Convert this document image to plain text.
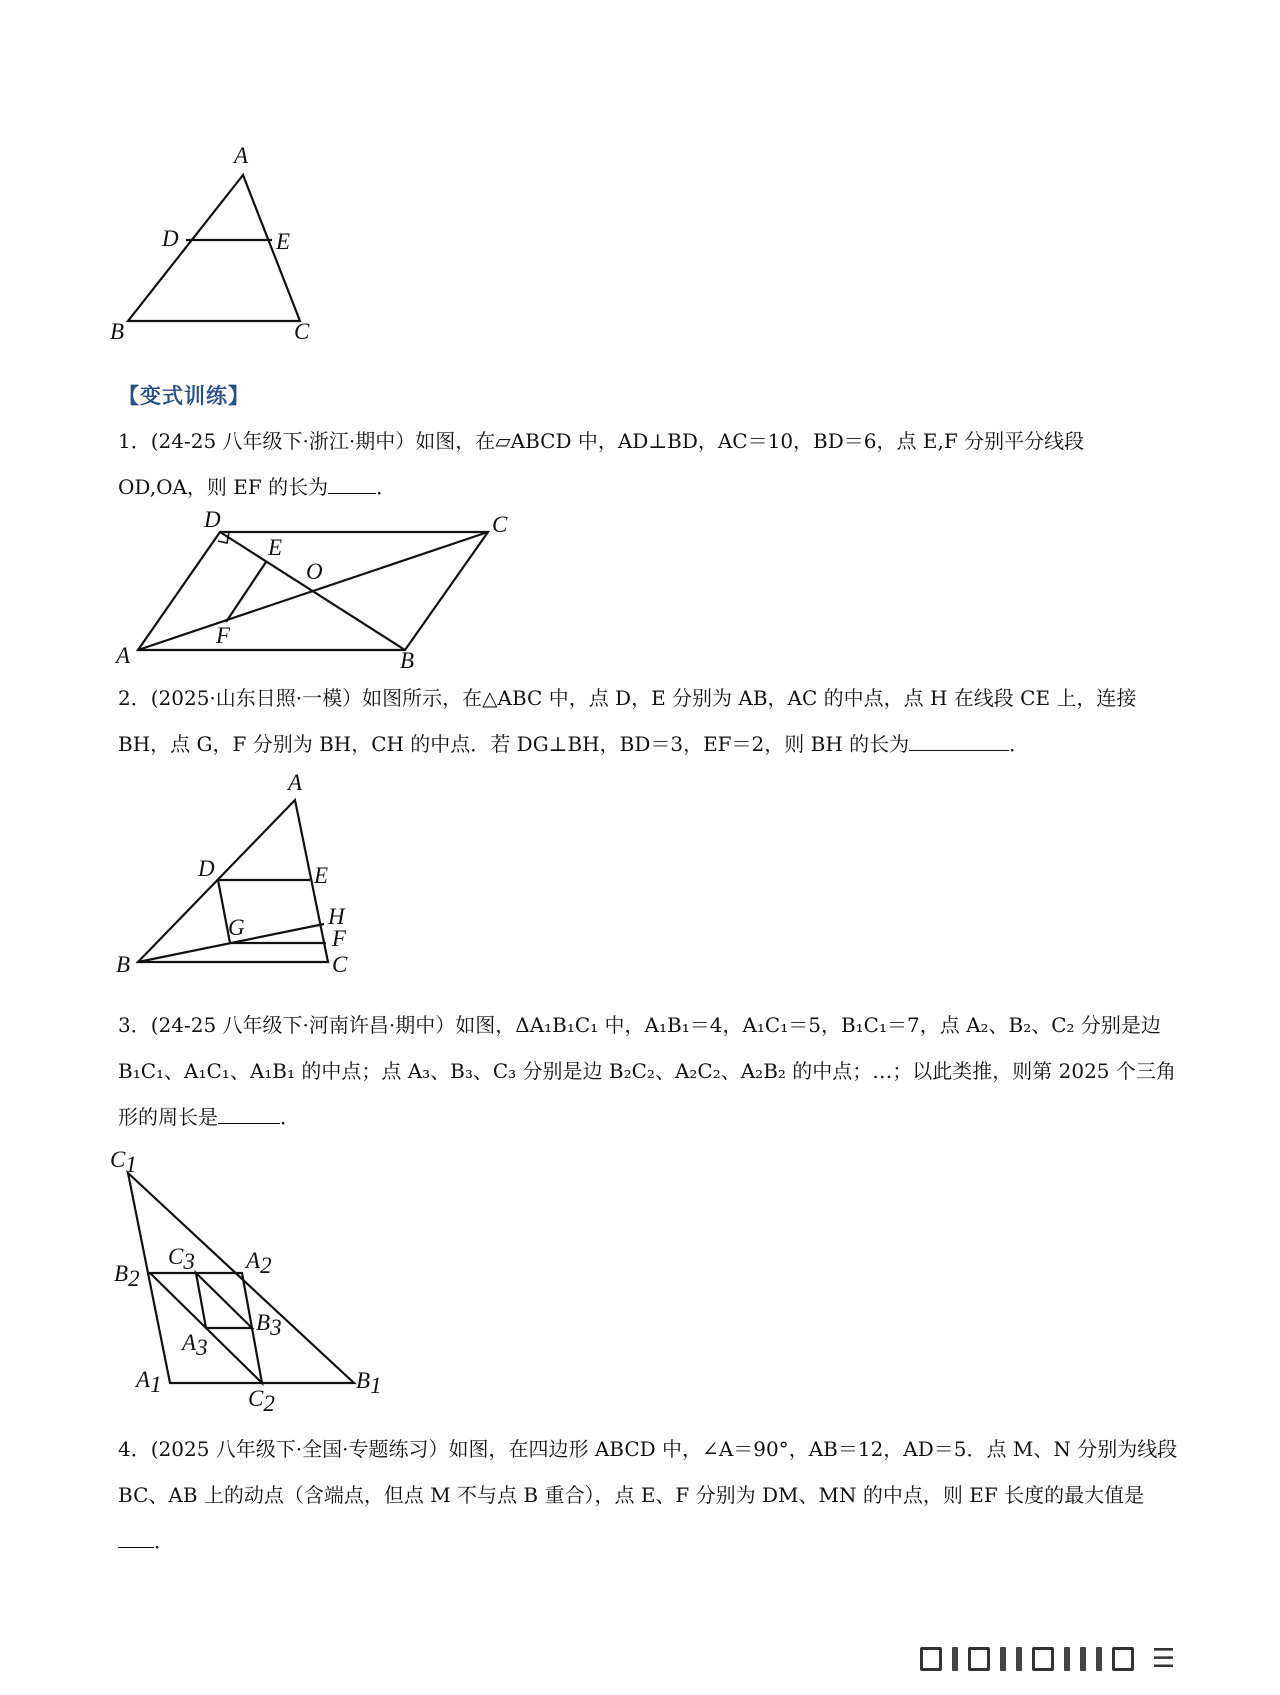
A
D	E
B	C
【变式训练】
1．(24-25 八年级下·浙江·期中）如图，在▱ABCD 中，AD⊥BD，AC＝10，BD＝6，点 E,F 分别平分线段 OD,OA，则 EF 的长为 ．
D	C
E
O
F
A	B
2．(2025·山东日照·一模）如图所示，在△ABC 中，点 D，E 分别为 AB，AC 的中点，点 H 在线段 CE 上，连接 BH，点 G，F 分别为 BH，CH 的中点．若 DG⊥BH，BD＝3，EF＝2，则 BH 的长为	．
A
D	E
H
G	F
B	C
3．(24-25 八年级下·河南许昌·期中）如图，ΔA₁B₁C₁ 中，A₁B₁＝4，A₁C₁＝5，B₁C₁＝7，点 A₂、B₂、C₂ 分别是边 B₁C₁、A₁C₁、A₁B₁ 的中点；点 A₃、B₃、C₃ 分别是边 B₂C₂、A₂C₂、A₂B₂ 的中点；…；以此类推，则第 2025 个三角形的周长是	．
C1
B2
C3 A2
B3
A3
A1
C2
B1
4．(2025 八年级下·全国·专题练习）如图，在四边形 ABCD 中，∠A＝90°，AB＝12，AD＝5．点 M、N 分别为线段 BC、AB 上的动点（含端点，但点 M 不与点 B 重合），点 E、F 分别为 DM、MN 的中点，则 EF 长度的最大值是 ．
☰
